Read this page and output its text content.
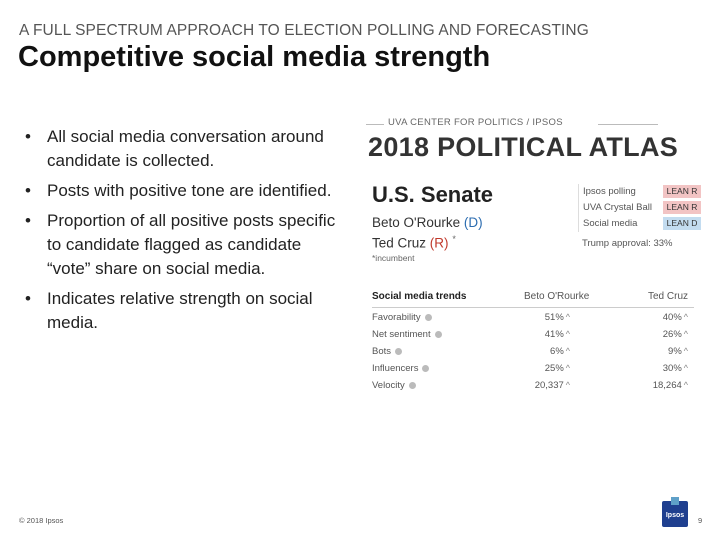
A FULL SPECTRUM APPROACH TO ELECTION POLLING AND FORECASTING
Competitive social media strength
• All social media conversation around candidate is collected.
• Posts with positive tone are identified.
• Proportion of all positive posts specific to candidate flagged as candidate “vote” share on social media.
• Indicates relative strength on social media.
UVA CENTER FOR POLITICS / IPSOS
2018 POLITICAL ATLAS
U.S. Senate
Beto O'Rourke (D)
Ted Cruz (R) *
*incumbent
Ipsos polling	LEAN R
UVA Crystal Ball	LEAN R
Social media	LEAN D
Trump approval: 33%
Social media trends	Beto O'Rourke	Ted Cruz
Favorability	51% ^	40% ^
Net sentiment	41% ^	26% ^
Bots	6% ^	9% ^
Influencers	25% ^	30% ^
Velocity	20,337 ^	18,264 ^
© 2018 Ipsos
Ipsos
9
